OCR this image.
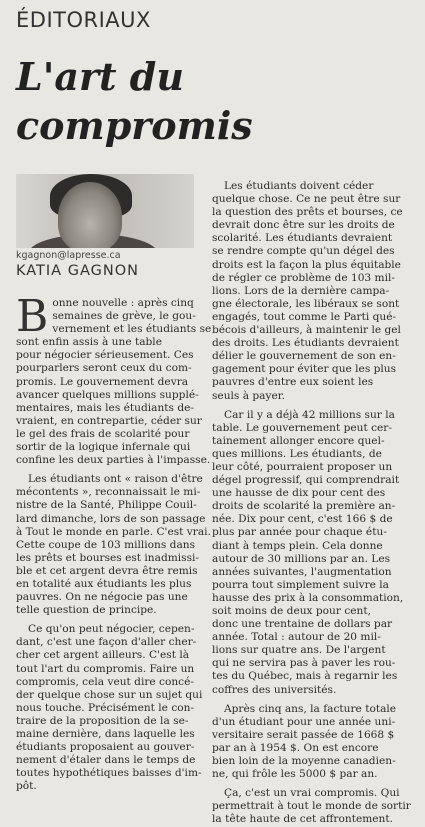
ÉDITORIAUX
L'art du
compromis
kgagnon@lapresse.ca
KATIA GAGNON
B onne nouvelle : après cinq
semaines de grève, le gou-
vernement et les étudiants se
sont enfin assis à une table
pour négocier sérieusement. Ces
pourparlers seront ceux du com-
promis. Le gouvernement devra
avancer quelques millions supplé-
mentaires, mais les étudiants de-
vraient, en contrepartie, céder sur
le gel des frais de scolarité pour
sortir de la logique infernale qui
confine les deux parties à l'impasse.
Les étudiants ont « raison d'être
mécontents », reconnaissait le mi-
nistre de la Santé, Philippe Couil-
lard dimanche, lors de son passage
à Tout le monde en parle. C'est vrai.
Cette coupe de 103 millions dans
les prêts et bourses est inadmissi-
ble et cet argent devra être remis
en totalité aux étudiants les plus
pauvres. On ne négocie pas une
telle question de principe.
Ce qu'on peut négocier, cepen-
dant, c'est une façon d'aller cher-
cher cet argent ailleurs. C'est là
tout l'art du compromis. Faire un
compromis, cela veut dire concé-
der quelque chose sur un sujet qui
nous touche. Précisément le con-
traire de la proposition de la se-
maine dernière, dans laquelle les
étudiants proposaient au gouver-
nement d'étaler dans le temps de
toutes hypothétiques baisses d'im-
pôt.
Les étudiants doivent céder
quelque chose. Ce ne peut être sur
la question des prêts et bourses, ce
devrait donc être sur les droits de
scolarité. Les étudiants devraient
se rendre compte qu'un dégel des
droits est la façon la plus équitable
de régler ce problème de 103 mil-
lions. Lors de la dernière campa-
gne électorale, les libéraux se sont
engagés, tout comme le Parti qué-
bécois d'ailleurs, à maintenir le gel
des droits. Les étudiants devraient
délier le gouvernement de son en-
gagement pour éviter que les plus
pauvres d'entre eux soient les
seuls à payer.
Car il y a déjà 42 millions sur la
table. Le gouvernement peut cer-
tainement allonger encore quel-
ques millions. Les étudiants, de
leur côté, pourraient proposer un
dégel progressif, qui comprendrait
une hausse de dix pour cent des
droits de scolarité la première an-
née. Dix pour cent, c'est 166 $ de
plus par année pour chaque étu-
diant à temps plein. Cela donne
autour de 30 millions par an. Les
années suivantes, l'augmentation
pourra tout simplement suivre la
hausse des prix à la consommation,
soit moins de deux pour cent,
donc une trentaine de dollars par
année. Total : autour de 20 mil-
lions sur quatre ans. De l'argent
qui ne servira pas à paver les rou-
tes du Québec, mais à regarnir les
coffres des universités.
Après cinq ans, la facture totale
d'un étudiant pour une année uni-
versitaire serait passée de 1668 $
par an à 1954 $. On est encore
bien loin de la moyenne canadien-
ne, qui frôle les 5000 $ par an.
Ça, c'est un vrai compromis. Qui
permettrait à tout le monde de sortir
la tête haute de cet affrontement.
